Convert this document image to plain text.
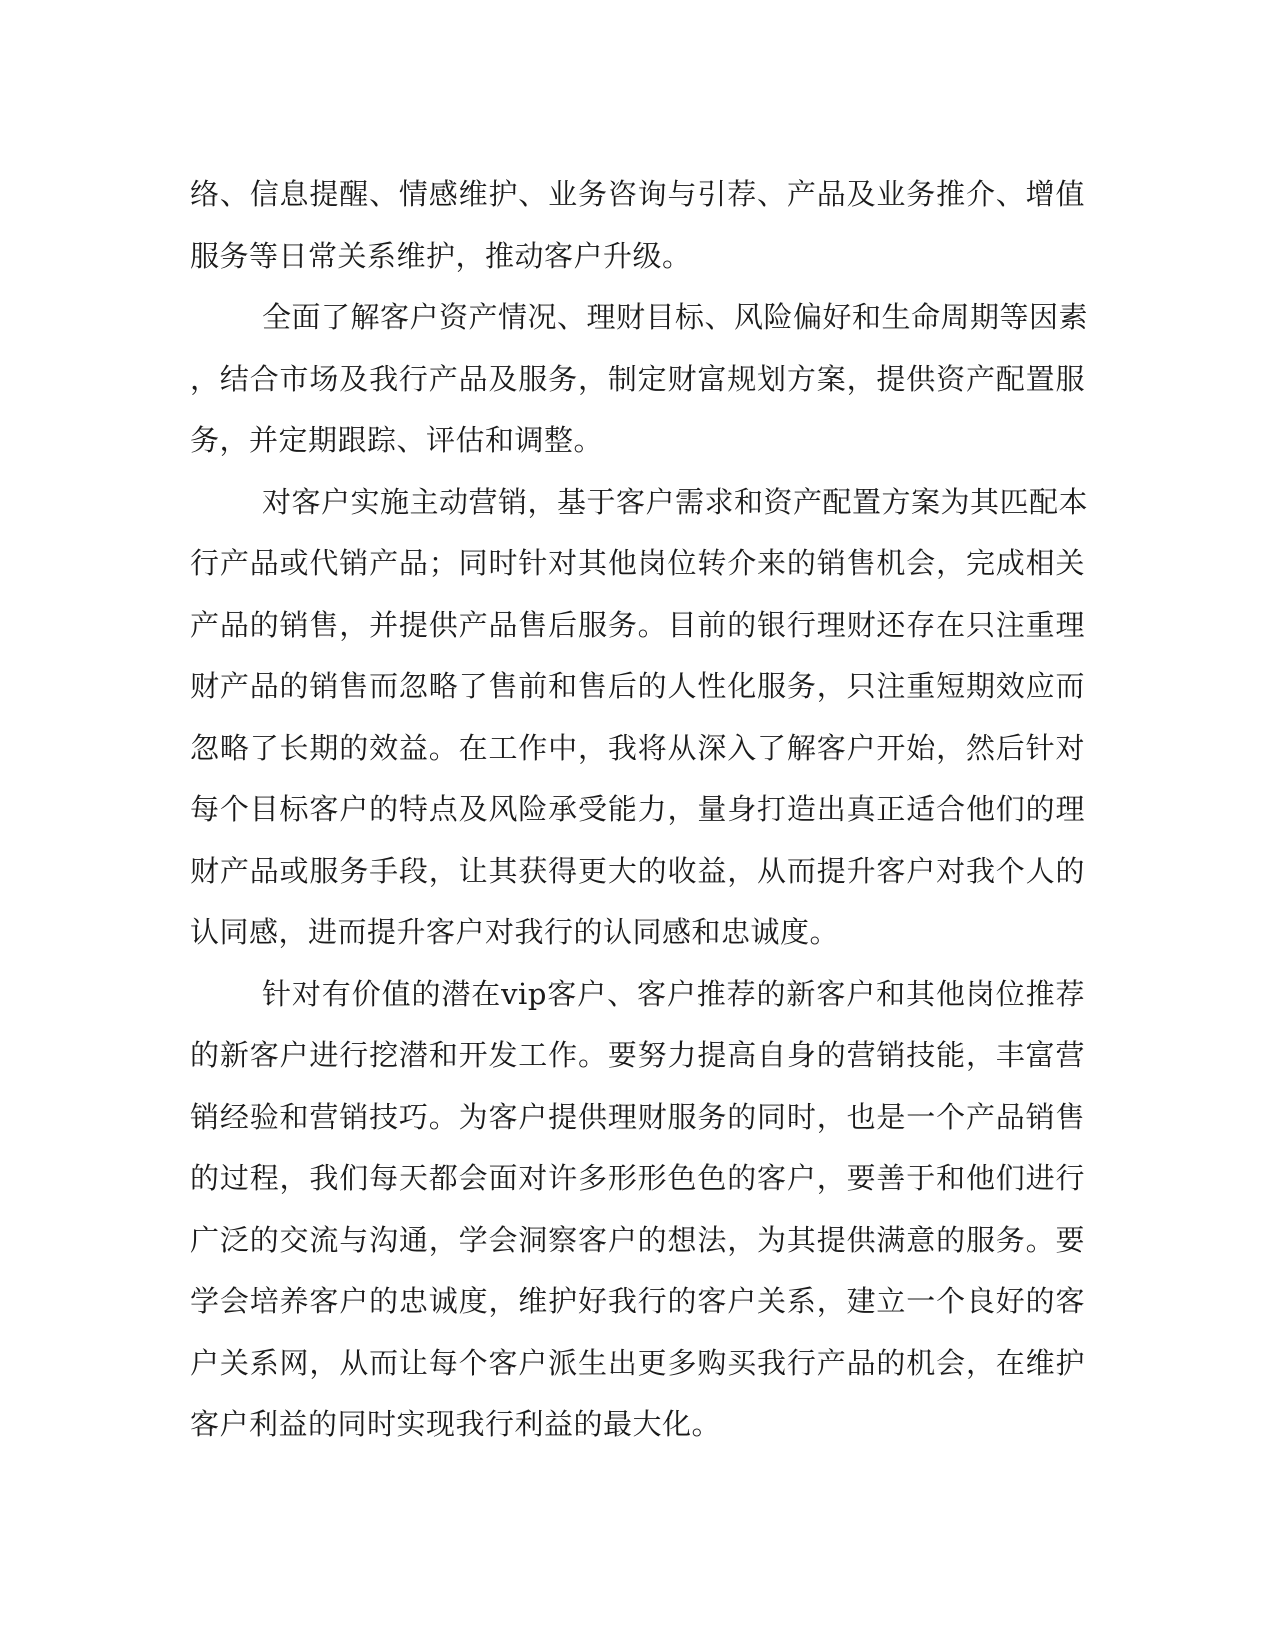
络、信息提醒、情感维护、业务咨询与引荐、产品及业务推介、增值
服务等日常关系维护，推动客户升级。
全面了解客户资产情况、理财目标、风险偏好和生命周期等因素
，结合市场及我行产品及服务，制定财富规划方案，提供资产配置服
务，并定期跟踪、评估和调整。
对客户实施主动营销，基于客户需求和资产配置方案为其匹配本
行产品或代销产品；同时针对其他岗位转介来的销售机会，完成相关
产品的销售，并提供产品售后服务。目前的银行理财还存在只注重理
财产品的销售而忽略了售前和售后的人性化服务，只注重短期效应而
忽略了长期的效益。在工作中，我将从深入了解客户开始，然后针对
每个目标客户的特点及风险承受能力，量身打造出真正适合他们的理
财产品或服务手段，让其获得更大的收益，从而提升客户对我个人的
认同感，进而提升客户对我行的认同感和忠诚度。
针对有价值的潜在vip客户、客户推荐的新客户和其他岗位推荐
的新客户进行挖潜和开发工作。要努力提高自身的营销技能，丰富营
销经验和营销技巧。为客户提供理财服务的同时，也是一个产品销售
的过程，我们每天都会面对许多形形色色的客户，要善于和他们进行
广泛的交流与沟通，学会洞察客户的想法，为其提供满意的服务。要
学会培养客户的忠诚度，维护好我行的客户关系，建立一个良好的客
户关系网，从而让每个客户派生出更多购买我行产品的机会，在维护
客户利益的同时实现我行利益的最大化。
